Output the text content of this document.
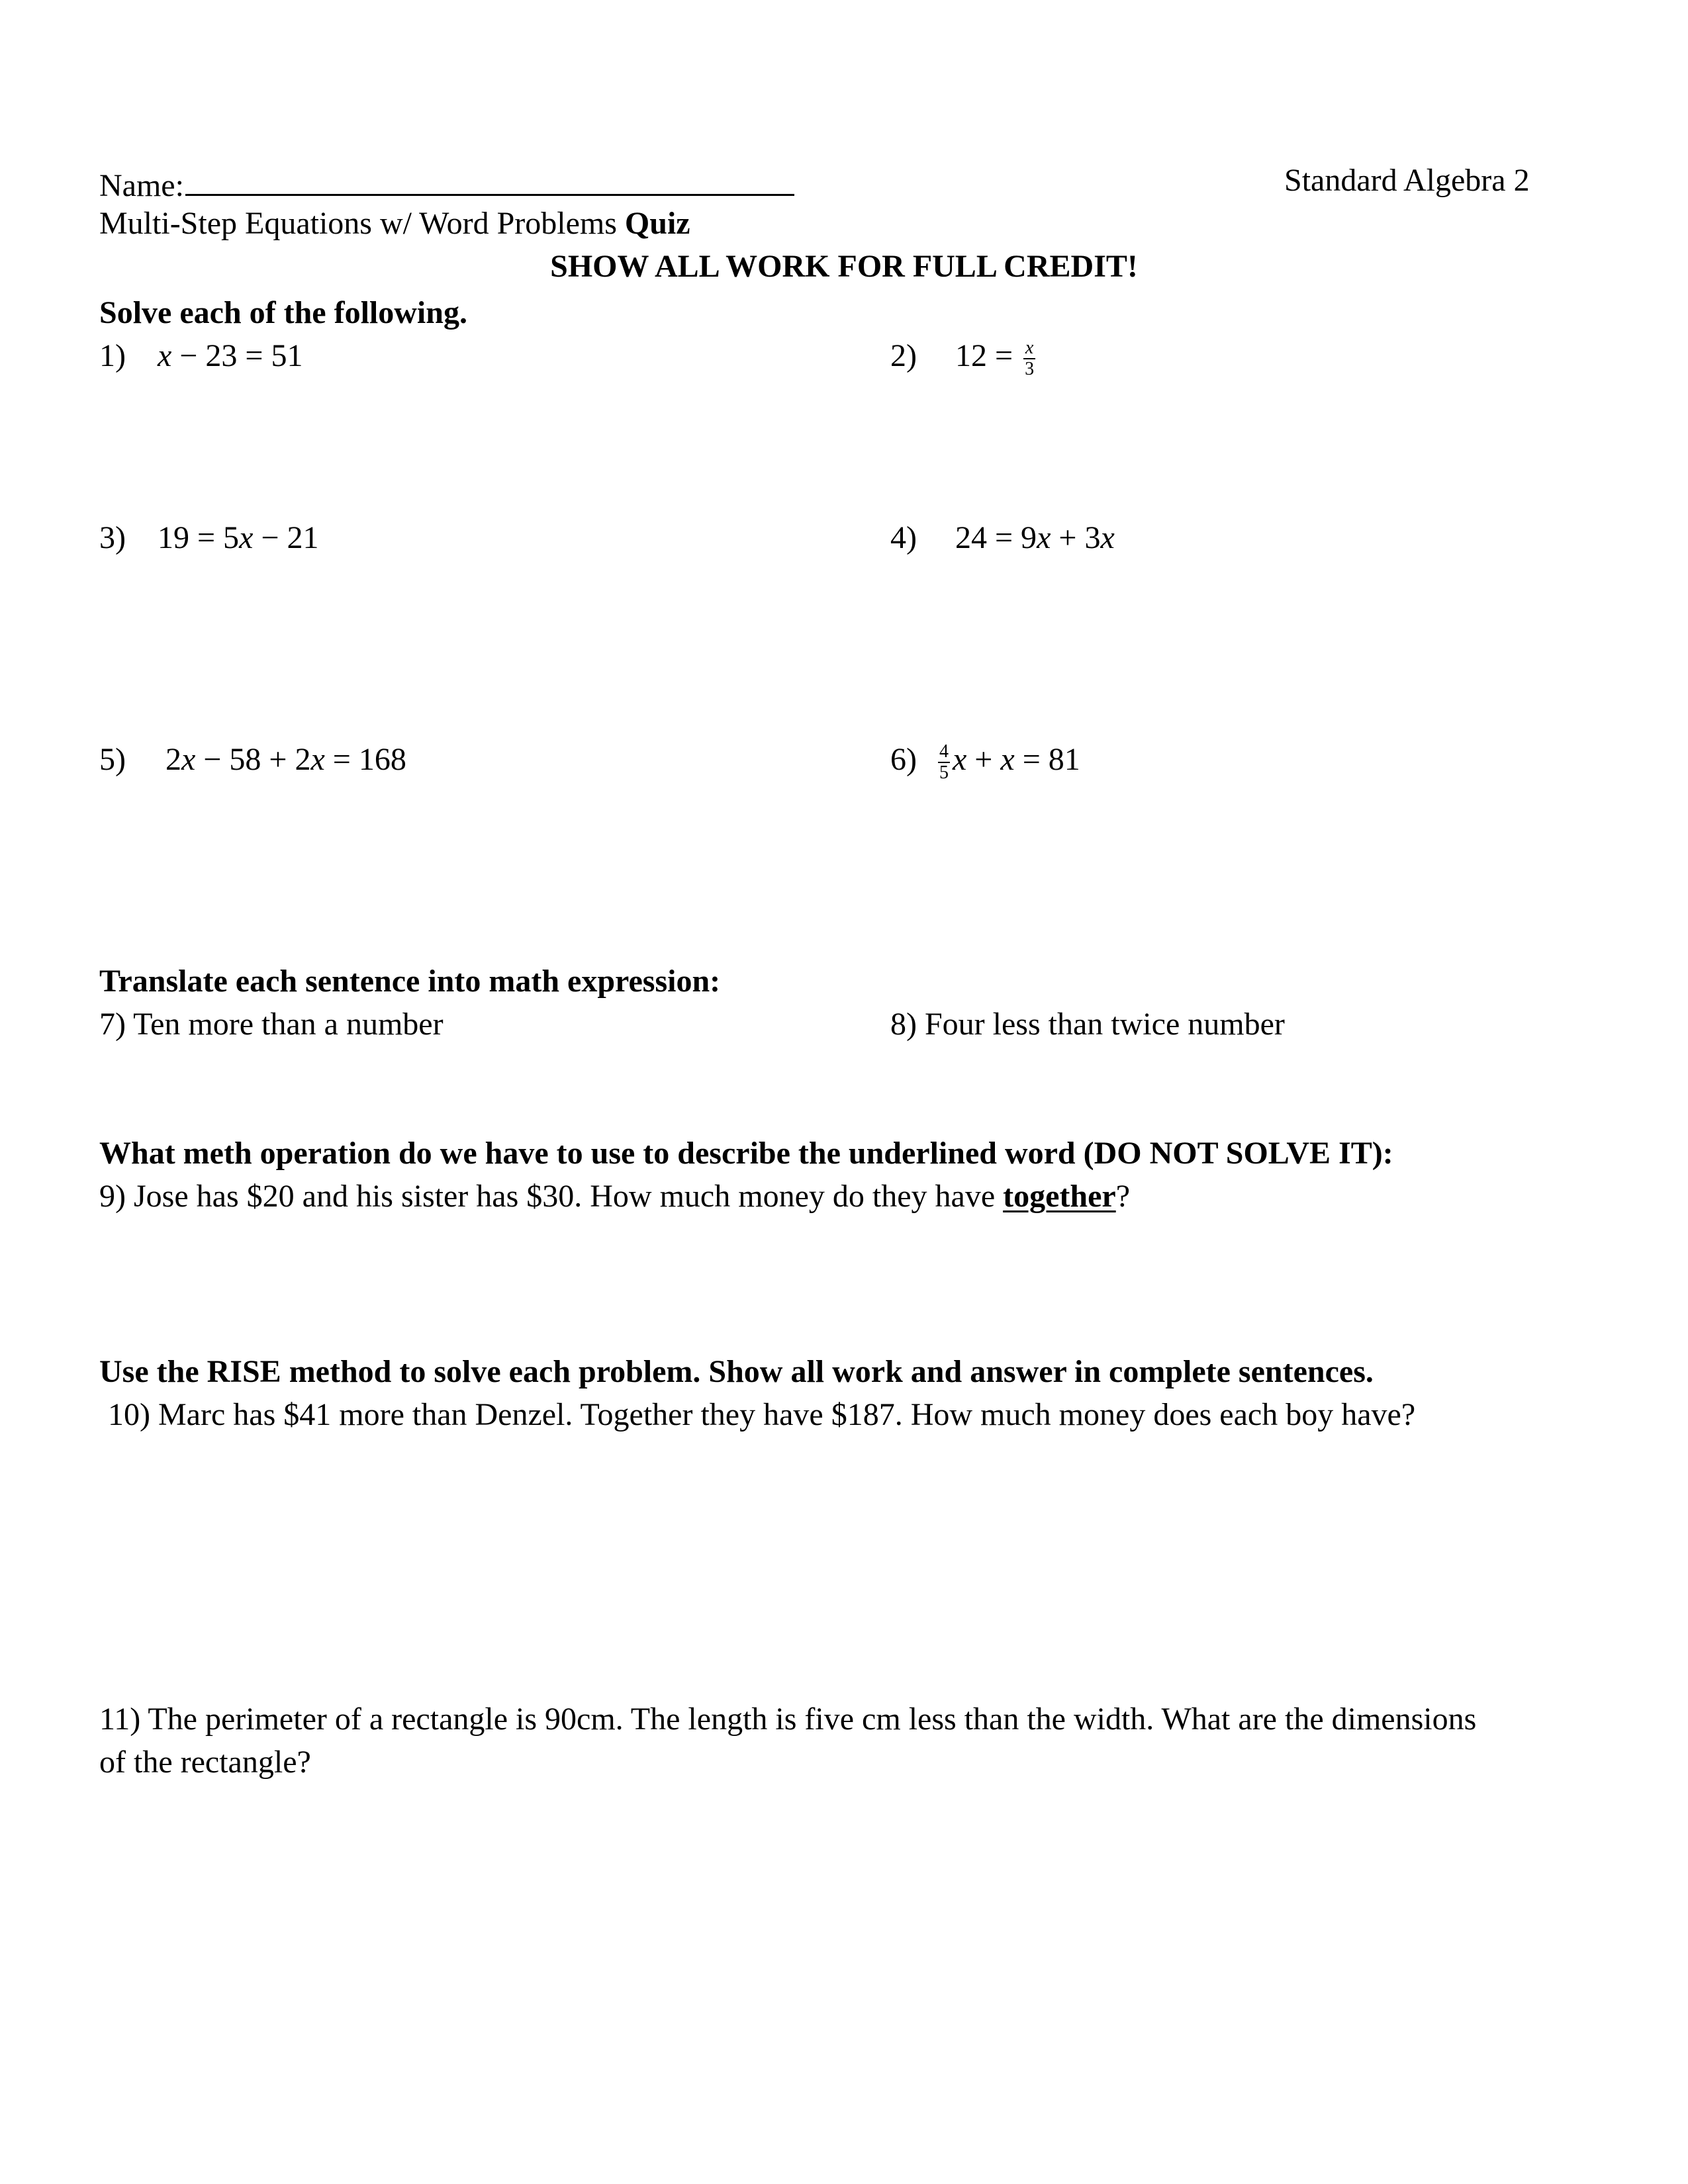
Name:	Standard Algebra 2
Multi-Step Equations w/ Word Problems Quiz
SHOW ALL WORK FOR FULL CREDIT!
Solve each of the following.
1) x − 23 = 51	2) $12 = \frac{x}{3}$
3) 19 = 5x − 21	4) 24 = 9x + 3x
5) 2x − 58 + 2x = 168	$6) \frac{4}{5}$ x + x = 81
Translate each sentence into math expression:
7) Ten more than a number	8) Four less than twice number
What meth operation do we have to use to describe the underlined word (DO NOT SOLVE IT):
9) Jose has $20 and his sister has $30. How much money do they have together?
Use the RISE method to solve each problem. Show all work and answer in complete sentences.
10) Marc has $41 more than Denzel. Together they have $187. How much money does each boy have?
11) The perimeter of a rectangle is 90cm. The length is five cm less than the width. What are the dimensions
of the rectangle?
